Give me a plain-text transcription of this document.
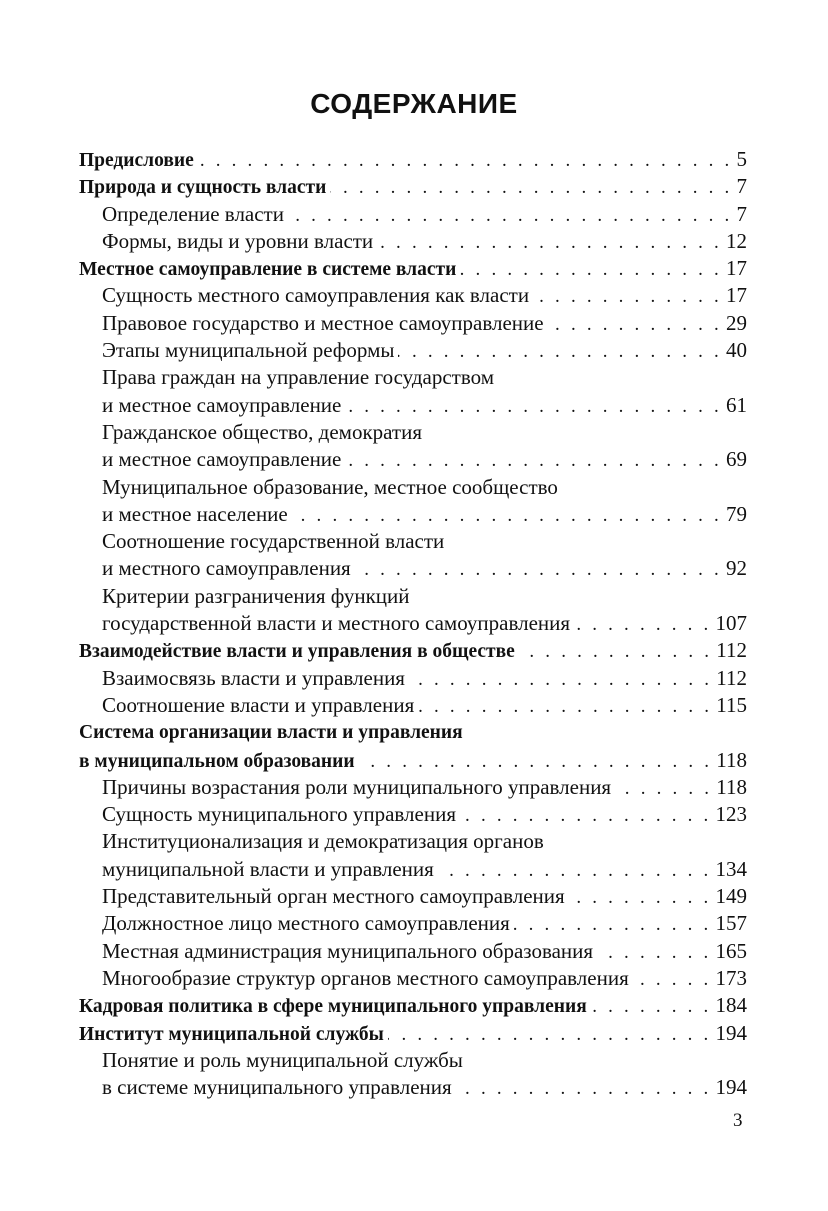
СОДЕРЖАНИЕ
Предисловие . . .	5
Природа и сущность власти . . .	7
Определение власти . . .	7
Формы, виды и уровни власти . . .	12
Местное самоуправление в системе власти . . .	17
Сущность местного самоуправления как власти . . .	17
Правовое государство и местное самоуправление . . .	29
Этапы муниципальной реформы . . .	40
Права граждан на управление государством
и местное самоуправление . . .	61
Гражданское общество, демократия
и местное самоуправление . . .	69
Муниципальное образование, местное сообщество
и местное население . . .	79
Соотношение государственной власти
и местного самоуправления . . .	92
Критерии разграничения функций
государственной власти и местного самоуправления . . .	107
Взаимодействие власти и управления в обществе . . .	112
Взаимосвязь власти и управления . . .	112
Соотношение власти и управления . . .	115
Система организации власти и управления
в муниципальном образовании . . .	118
Причины возрастания роли муниципального управления . . .	118
Сущность муниципального управления . . .	123
Институционализация и демократизация органов
муниципальной власти и управления . . .	134
Представительный орган местного самоуправления . . .	149
Должностное лицо местного самоуправления . . .	157
Местная администрация муниципального образования . . .	165
Многообразие структур органов местного самоуправления . . .	173
Кадровая политика в сфере муниципального управления . . .	184
Институт муниципальной службы . . .	194
Понятие и роль муниципальной службы
в системе муниципального управления . . .	194
3
